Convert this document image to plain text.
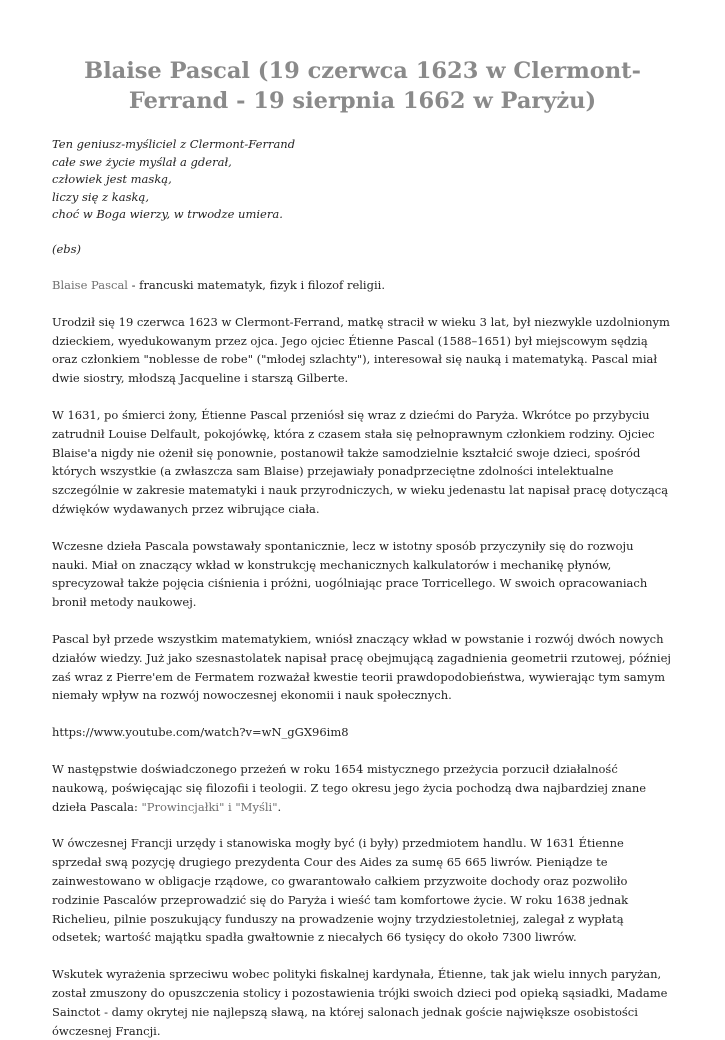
Blaise Pascal (19 czerwca 1623 w Clermont-Ferrand - 19 sierpnia 1662 w Paryżu)
Ten geniusz-myśliciel z Clermont-Ferrand
całe swe życie myślał a gderał,
człowiek jest maską,
liczy się z kaską,
choć w Boga wierzy, w trwodze umiera.
(ebs)

Blaise Pascal - francuski matematyk, fizyk i filozof religii.

Urodził się 19 czerwca 1623 w Clermont-Ferrand, matkę stracił w wieku 3 lat, był niezwykle uzdolnionym dzieckiem, wyedukowanym przez ojca. Jego ojciec Étienne Pascal (1588–1651) był miejscowym sędzią oraz członkiem "noblesse de robe" ("młodej szlachty"), interesował się nauką i matematyką. Pascal miał dwie siostry, młodszą Jacqueline i starszą Gilberte.

W 1631, po śmierci żony, Étienne Pascal przeniósł się wraz z dziećmi do Paryża. Wkrótce po przybyciu zatrudnił Louise Delfault, pokojówkę, która z czasem stała się pełnoprawnym członkiem rodziny. Ojciec Blaise'a nigdy nie ożenił się ponownie, postanowił także samodzielnie kształcić swoje dzieci, spośród których wszystkie (a zwłaszcza sam Blaise) przejawiały ponadprzeciętne zdolności intelektualne szczególnie w zakresie matematyki i nauk przyrodniczych, w wieku jedenastu lat napisał pracę dotyczącą dźwięków wydawanych przez wibrujące ciała.

Wczesne dzieła Pascala powstawały spontanicznie, lecz w istotny sposób przyczyniły się do rozwoju nauki. Miał on znaczący wkład w konstrukcję mechanicznych kalkulatorów i mechanikę płynów, sprecyzował także pojęcia ciśnienia i próżni, uogólniając prace Torricellego. W swoich opracowaniach bronił metody naukowej.

Pascal był przede wszystkim matematykiem, wniósł znaczący wkład w powstanie i rozwój dwóch nowych działów wiedzy. Już jako szesnastolatek napisał pracę obejmującą zagadnienia geometrii rzutowej, później zaś wraz z Pierre'em de Fermatem rozważał kwestie teorii prawdopodobieństwa, wywierając tym samym niemały wpływ na rozwój nowoczesnej ekonomii i nauk społecznych.

https://www.youtube.com/watch?v=wN_gGX96im8

W następstwie doświadczonego przeżeń w roku 1654 mistycznego przeżycia porzucił działalność naukową, poświęcając się filozofii i teologii. Z tego okresu jego życia pochodzą dwa najbardziej znane dzieła Pascala: "Prowincjałki" i "Myśli".

W ówczesnej Francji urzędy i stanowiska mogły być (i były) przedmiotem handlu. W 1631 Étienne sprzedał swą pozycję drugiego prezydenta Cour des Aides za sumę 65 665 liwrów. Pieniądze te zainwestowano w obligacje rządowe, co gwarantowało całkiem przyzwoite dochody oraz pozwoliło rodzinie Pascalów przeprowadzić się do Paryża i wieść tam komfortowe życie. W roku 1638 jednak Richelieu, pilnie poszukujący funduszy na prowadzenie wojny trzydziestoletniej, zalegał z wypłatą odsetek; wartość majątku spadła gwałtownie z niecałych 66 tysięcy do około 7300 liwrów.

Wskutek wyrażenia sprzeciwu wobec polityki fiskalnej kardynała, Étienne, tak jak wielu innych paryżan, został zmuszony do opuszczenia stolicy i pozostawienia trójki swoich dzieci pod opieką sąsiadki, Madame Sainctot - damy okrytej nie najlepszą sławą, na której salonach jednak goście największe osobistości ówczesnej Francji.
